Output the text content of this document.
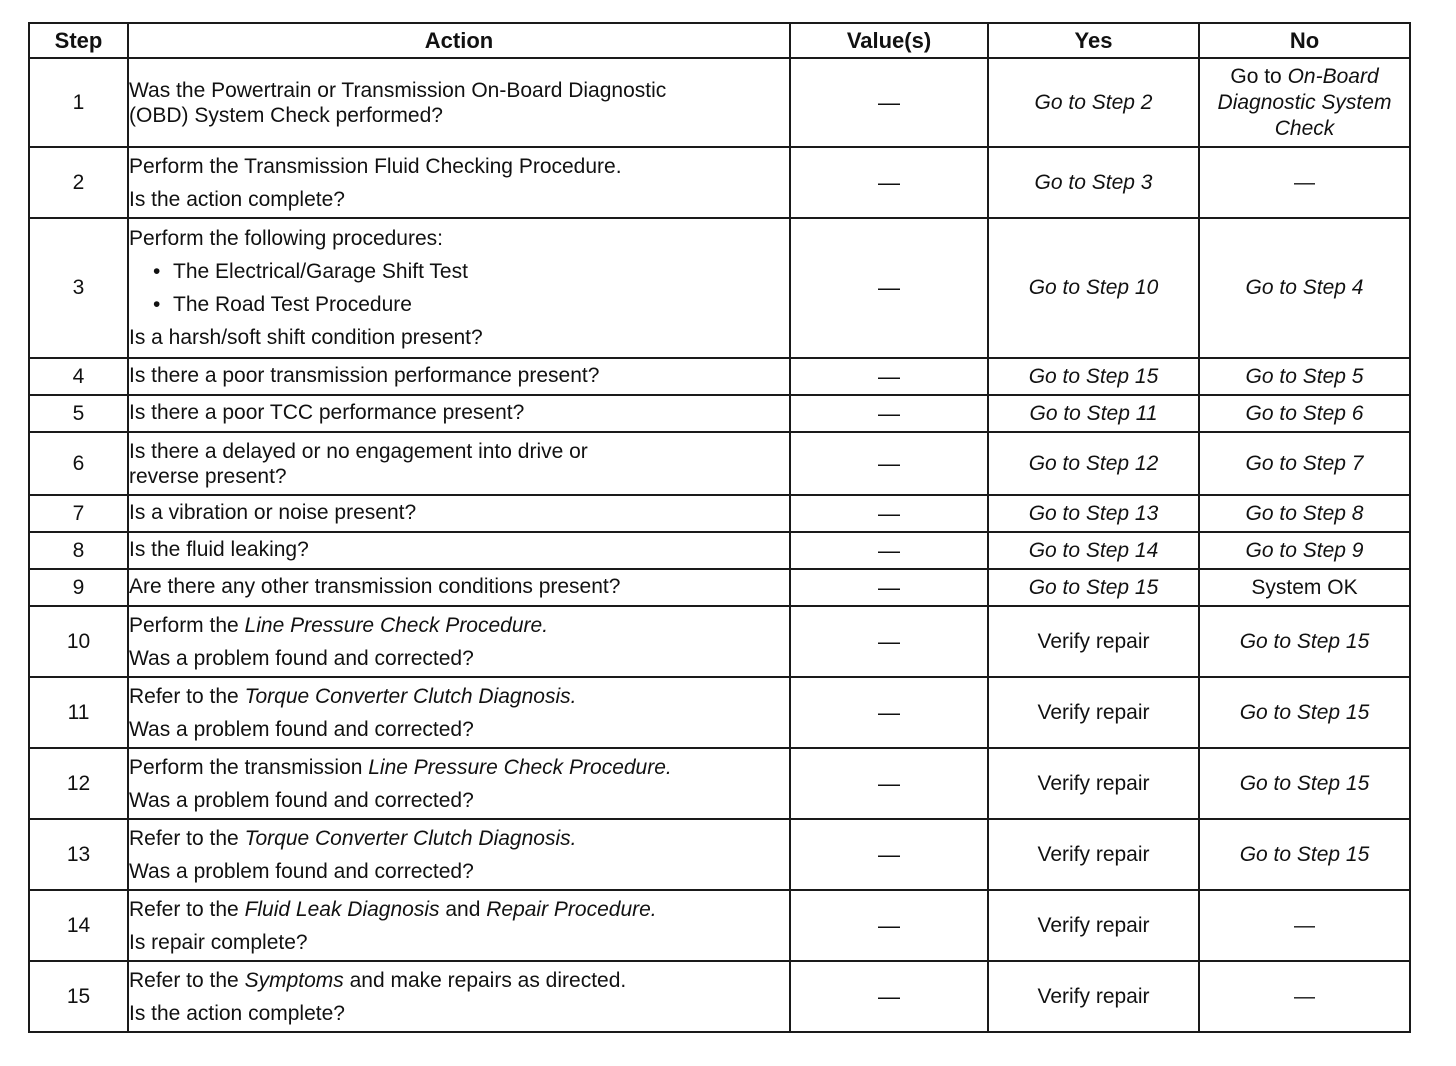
Step	Action	Value(s)	Yes	No
1	Was the Powertrain or Transmission On-Board Diagnostic
(OBD) System Check performed?	—	Go to Step 2	Go to On-Board Diagnostic System Check
2	Perform the Transmission Fluid Checking Procedure.
Is the action complete?	—	Go to Step 3	—
3	Perform the following procedures:
• The Electrical/Garage Shift Test
• The Road Test Procedure
Is a harsh/soft shift condition present?	—	Go to Step 10	Go to Step 4
4	Is there a poor transmission performance present?	—	Go to Step 15	Go to Step 5
5	Is there a poor TCC performance present?	—	Go to Step 11	Go to Step 6
6	Is there a delayed or no engagement into drive or
reverse present?	—	Go to Step 12	Go to Step 7
7	Is a vibration or noise present?	—	Go to Step 13	Go to Step 8
8	Is the fluid leaking?	—	Go to Step 14	Go to Step 9
9	Are there any other transmission conditions present?	—	Go to Step 15	System OK
10	Perform the Line Pressure Check Procedure.
Was a problem found and corrected?	—	Verify repair	Go to Step 15
11	Refer to the Torque Converter Clutch Diagnosis.
Was a problem found and corrected?	—	Verify repair	Go to Step 15
12	Perform the transmission Line Pressure Check Procedure.
Was a problem found and corrected?	—	Verify repair	Go to Step 15
13	Refer to the Torque Converter Clutch Diagnosis.
Was a problem found and corrected?	—	Verify repair	Go to Step 15
14	Refer to the Fluid Leak Diagnosis and Repair Procedure.
Is repair complete?	—	Verify repair	—
15	Refer to the Symptoms and make repairs as directed.
Is the action complete?	—	Verify repair	—
